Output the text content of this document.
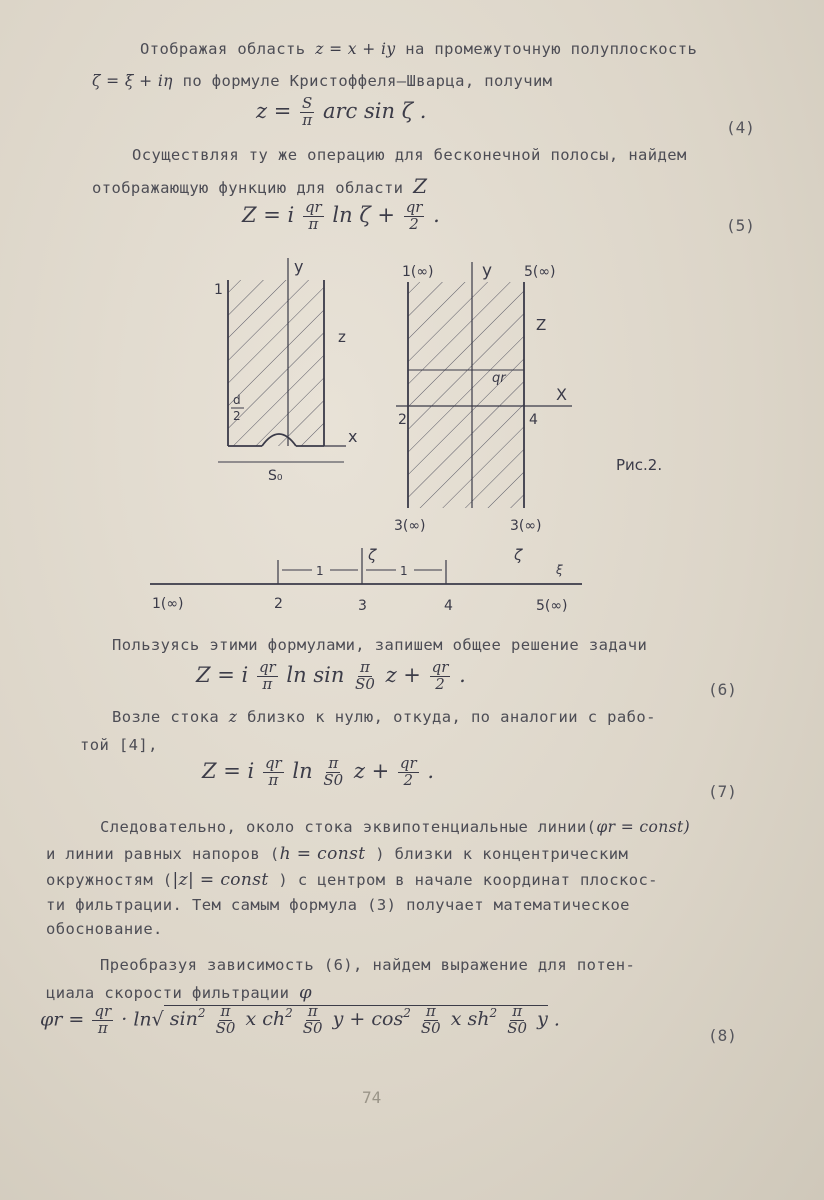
Отображая область z = x + iy на промежуточную полуплоскость
ζ = ξ + iη по формуле Кристоффеля–Шварца, получим
$z = \frac{S}{\pi}$ arc sin ζ .
(4)
Осуществляя ту же операцию для бесконечной полосы, найдем
отображающую функцию для области Z
Z = i $\frac{qr}{\pi}$ $\ln \zeta + \frac{qr}{2}$ .	(5)
y
1
z
d
2
x
S₀
1(∞)	y 5(∞)
Z
qr
X
2	4
3(∞)	3(∞)
Рис.2.
1	1
ζ	ζ
ξ
1(∞)	2	3	4	5(∞)
Пользуясь этими формулами, запишем общее решение задачи
Z = i $\frac{qr}{\pi}$ $\ln \sin \frac{\pi}{S0}$ $z + \frac{qr}{2}$ .
(6)
Возле стока z близко к нулю, откуда, по аналогии с рабо-
той [4],
Z = i $\frac{qr}{\pi}$ $\ln \frac{\pi}{S0}$ $z + \frac{qr}{2}$ .
(7)
Следовательно, около стока эквипотенциальные линии(φr = const)
и линии равных напоров (h = const ) близки к концентрическим
окружностям (|z| = const ) с центром в начале координат плоскос-
ти фильтрации. Тем самым формула (3) получает математическое
обоснование.
Преобразуя зависимость (6), найдем выражение для потен-
циала скорости фильтрации φ
$\varphi r = \frac{qr}{\pi} \cdot \ln√$ $\sin^2 \frac{\pi}{S0}$ x $ch^2 \frac{\pi}{S0}$ $y + \cos^2 \frac{\pi}{S0}$ x $sh^2 \frac{\pi}{S0}$ y .
(8)
74
